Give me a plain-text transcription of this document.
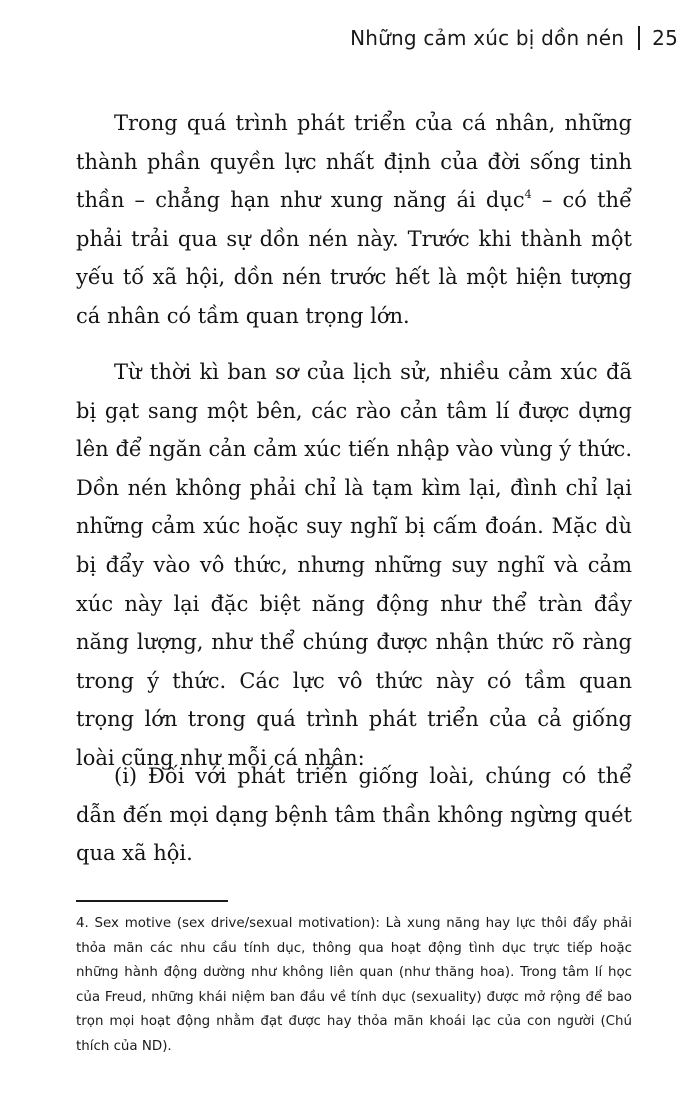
Những cảm xúc bị dồn nén 25

Trong quá trình phát triển của cá nhân, những thành phần quyền lực nhất định của đời sống tinh thần – chẳng hạn như xung năng ái dục$^4$ – có thể phải trải qua sự dồn nén này. Trước khi thành một yếu tố xã hội, dồn nén trước hết là một hiện tượng cá nhân có tầm quan trọng lớn.

Từ thời kì ban sơ của lịch sử, nhiều cảm xúc đã bị gạt sang một bên, các rào cản tâm lí được dựng lên để ngăn cản cảm xúc tiến nhập vào vùng ý thức. Dồn nén không phải chỉ là tạm kìm lại, đình chỉ lại những cảm xúc hoặc suy nghĩ bị cấm đoán. Mặc dù bị đẩy vào vô thức, nhưng những suy nghĩ và cảm xúc này lại đặc biệt năng động như thể tràn đầy năng lượng, như thể chúng được nhận thức rõ ràng trong ý thức. Các lực vô thức này có tầm quan trọng lớn trong quá trình phát triển của cả giống loài cũng như mỗi cá nhân:

(i) Đối với phát triển giống loài, chúng có thể dẫn đến mọi dạng bệnh tâm thần không ngừng quét qua xã hội.

4. Sex motive (sex drive/sexual motivation): Là xung năng hay lực thôi đẩy phải thỏa mãn các nhu cầu tính dục, thông qua hoạt động tình dục trực tiếp hoặc những hành động dường như không liên quan (như thăng hoa). Trong tâm lí học của Freud, những khái niệm ban đầu về tính dục (sexuality) được mở rộng để bao trọn mọi hoạt động nhằm đạt được hay thỏa mãn khoái lạc của con người (Chú thích của ND).
